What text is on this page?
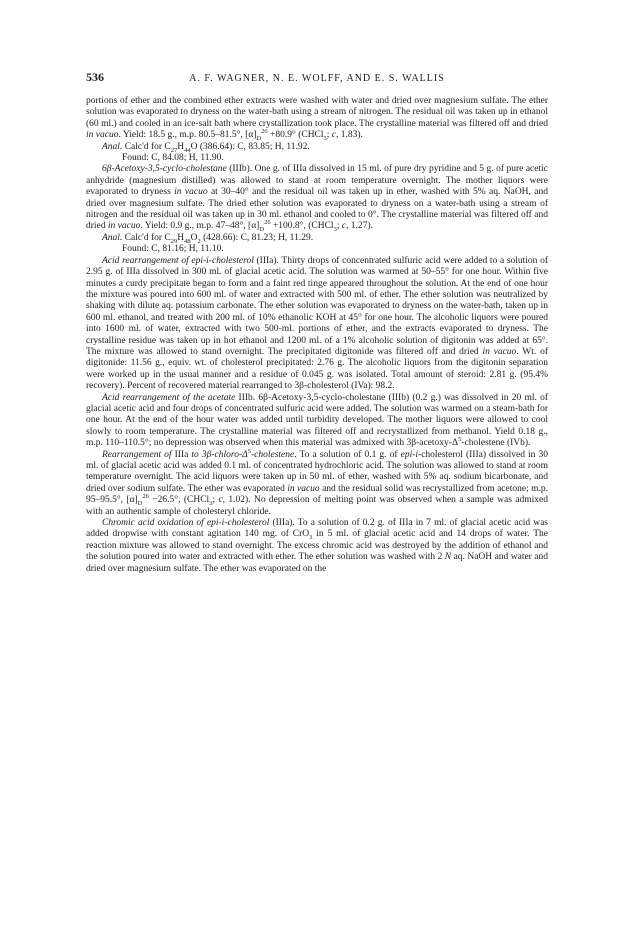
536	A. F. WAGNER, N. E. WOLFF, AND E. S. WALLIS

portions of ether and the combined ether extracts were washed with water and dried over magnesium sulfate. The ether solution was evaporated to dryness on the water-bath using a stream of nitrogen. The residual oil was taken up in ethanol (60 ml.) and cooled in an ice-salt bath where crystallization took place. The crystalline material was filtered off and dried in vacuo. Yield: 18.5 g., m.p. 80.5–81.5°, $[\alpha]_D^{26} +80.9^\circ$ (CHCl$_3$; c, 1.83).

Anal. Calc'd for $C_{27}H_{44}O$ (386.64): C, 83.85; H, 11.92.

Found: C, 84.08; H, 11.90.

6β-Acetoxy-3,5-cyclo-cholestane (IIIb). One g. of IIIa dissolved in 15 ml. of pure dry pyridine and 5 g. of pure acetic anhydride (magnesium distilled) was allowed to stand at room temperature overnight. The mother liquors were evaporated to dryness in vacuo at 30–40° and the residual oil was taken up in ether, washed with 5% aq. NaOH, and dried over magnesium sulfate. The dried ether solution was evaporated to dryness on a water-bath using a stream of nitrogen and the residual oil was taken up in 30 ml. ethanol and cooled to 0°. The crystalline material was filtered off and dried in vacuo. Yield: 0.9 g., m.p. 47–48°, $[\alpha]_D^{26} +100.8^\circ$, (CHCl$_3$; c, 1.27).

Anal. Calc'd for $C_{29}H_{48}O_2$ (428.66): C, 81.23; H, 11.29.

Found: C, 81.16; H, 11.10.

Acid rearrangement of epi-i-cholesterol (IIIa). Thirty drops of concentrated sulfuric acid were added to a solution of 2.95 g. of IIIa dissolved in 300 ml. of glacial acetic acid. The solution was warmed at 50–55° for one hour. Within five minutes a curdy precipitate began to form and a faint red tinge appeared throughout the solution. At the end of one hour the mixture was poured into 600 ml. of water and extracted with 500 ml. of ether. The ether solution was neutralized by shaking with dilute aq. potassium carbonate. The ether solution was evaporated to dryness on the water-bath, taken up in 600 ml. ethanol, and treated with 200 ml. of 10% ethanolic KOH at 45° for one hour. The alcoholic liquors were poured into 1600 ml. of water, extracted with two 500-ml. portions of ether, and the extracts evaporated to dryness. The crystalline residue was taken up in hot ethanol and 1200 ml. of a 1% alcoholic solution of digitonin was added at 65°. The mixture was allowed to stand overnight. The precipitated digitonide was filtered off and dried in vacuo. Wt. of digitonide: 11.56 g., equiv. wt. of cholesterol precipitated: 2.76 g. The alcoholic liquors from the digitonin separation were worked up in the usual manner and a residue of 0.045 g. was isolated. Total amount of steroid: 2.81 g. (95.4% recovery). Percent of recovered material rearranged to 3β-cholesterol (IVa): 98.2.

Acid rearrangement of the acetate IIIb. 6β-Acetoxy-3,5-cyclo-cholestane (IIIb) (0.2 g.) was dissolved in 20 ml. of glacial acetic acid and four drops of concentrated sulfuric acid were added. The solution was warmed on a steam-bath for one hour. At the end of the hour water was added until turbidity developed. The mother liquors were allowed to cool slowly to room temperature. The crystalline material was filtered off and recrystallized from methanol. Yield 0.18 g., m.p. 110–110.5°; no depression was observed when this material was admixed with $3\beta-acetoxy-\Delta^5$-cholestene (IVb).

Rearrangement of IIIa to $3\beta-chloro-\Delta^5$-cholestene. To a solution of 0.1 g. of epi-i-cholesterol (IIIa) dissolved in 30 ml. of glacial acetic acid was added 0.1 ml. of concentrated hydrochloric acid. The solution was allowed to stand at room temperature overnight. The acid liquors were taken up in 50 ml. of ether, washed with 5% aq. sodium bicarbonate, and dried over sodium sulfate. The ether was evaporated in vacuo and the residual solid was recrystallized from acetone; m.p. 95–95.5°, $[\alpha]_D^{26} -26.5^\circ$, (CHCl$_3$; c, 1.02). No depression of melting point was observed when a sample was admixed with an authentic sample of cholesteryl chloride.

Chromic acid oxidation of epi-i-cholesterol (IIIa). To a solution of 0.2 g. of IIIa in 7 ml. of glacial acetic acid was added dropwise with constant agitation 140 mg. of CrO$_3$ in 5 ml. of glacial acetic acid and 14 drops of water. The reaction mixture was allowed to stand overnight. The excess chromic acid was destroyed by the addition of ethanol and the solution poured into water and extracted with ether. The ether solution was washed with 2 N aq. NaOH and water and dried over magnesium sulfate. The ether was evaporated on the
